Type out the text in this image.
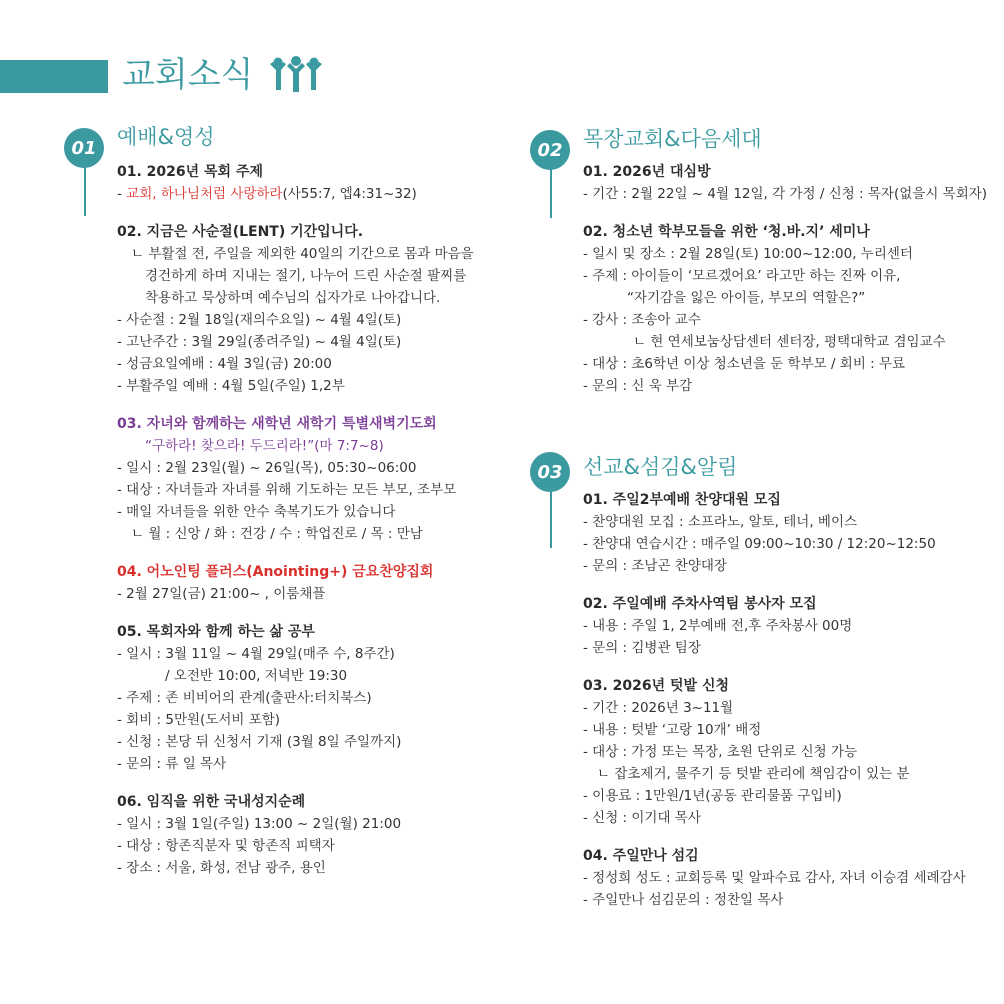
교회소식
01 예배&영성
01. 2026년 목회 주제
- 교회, 하나님처럼 사랑하라(사55:7, 엡4:31~32)
02. 지금은 사순절(LENT) 기간입니다.
ㄴ 부활절 전, 주일을 제외한 40일의 기간으로 몸과 마음을
경건하게 하며 지내는 절기, 나누어 드린 사순절 팔찌를
착용하고 묵상하며 예수님의 십자가로 나아갑니다.
- 사순절 : 2월 18일(재의수요일) ~ 4월 4일(토)
- 고난주간 : 3월 29일(종려주일) ~ 4월 4일(토)
- 성금요일예배 : 4월 3일(금) 20:00
- 부활주일 예배 : 4월 5일(주일) 1,2부
03. 자녀와 함께하는 새학년 새학기 특별새벽기도회
“구하라! 찾으라! 두드리라!”(마 7:7~8)
- 일시 : 2월 23일(월) ~ 26일(목), 05:30~06:00
- 대상 : 자녀들과 자녀를 위해 기도하는 모든 부모, 조부모
- 매일 자녀들을 위한 안수 축복기도가 있습니다
ㄴ 월 : 신앙 / 화 : 건강 / 수 : 학업진로 / 목 : 만남
04. 어노인팅 플러스(Anointing+) 금요찬양집회
- 2월 27일(금) 21:00~ , 이룸채플
05. 목회자와 함께 하는 삶 공부
- 일시 : 3월 11일 ~ 4월 29일(매주 수, 8주간)
/ 오전반 10:00, 저녁반 19:30
- 주제 : 존 비비어의 관계(출판사:터치북스)
- 회비 : 5만원(도서비 포함)
- 신청 : 본당 뒤 신청서 기재 (3월 8일 주일까지)
- 문의 : 류 일 목사
06. 임직을 위한 국내성지순례
- 일시 : 3월 1일(주일) 13:00 ~ 2일(월) 21:00
- 대상 : 항존직분자 및 항존직 피택자
- 장소 : 서울, 화성, 전남 광주, 용인
02 목장교회&다음세대
01. 2026년 대심방
- 기간 : 2월 22일 ~ 4월 12일, 각 가정 / 신청 : 목자(없을시 목회자)
02. 청소년 학부모들을 위한 ‘청.바.지’ 세미나
- 일시 및 장소 : 2월 28일(토) 10:00~12:00, 누리센터
- 주제 : 아이들이 ‘모르겠어요’ 라고만 하는 진짜 이유,
“자기감을 잃은 아이들, 부모의 역할은?”
- 강사 : 조송아 교수
ㄴ 현 연세보눔상담센터 센터장, 평택대학교 겸임교수
- 대상 : 초6학년 이상 청소년을 둔 학부모 / 회비 : 무료
- 문의 : 신 욱 부감
03 선교&섬김&알림
01. 주일2부예배 찬양대원 모집
- 찬양대원 모집 : 소프라노, 알토, 테너, 베이스
- 찬양대 연습시간 : 매주일 09:00~10:30 / 12:20~12:50
- 문의 : 조남곤 찬양대장
02. 주일예배 주차사역팀 봉사자 모집
- 내용 : 주일 1, 2부예배 전,후 주차봉사 00명
- 문의 : 김병관 팀장
03. 2026년 텃밭 신청
- 기간 : 2026년 3~11월
- 내용 : 텃밭 ‘고랑 10개’ 배정
- 대상 : 가정 또는 목장, 초원 단위로 신청 가능
ㄴ 잡초제거, 물주기 등 텃밭 관리에 책임감이 있는 분
- 이용료 : 1만원/1년(공동 관리물품 구입비)
- 신청 : 이기대 목사
04. 주일만나 섬김
- 정성희 성도 : 교회등록 및 알파수료 감사, 자녀 이승겸 세례감사
- 주일만나 섬김문의 : 정찬일 목사
